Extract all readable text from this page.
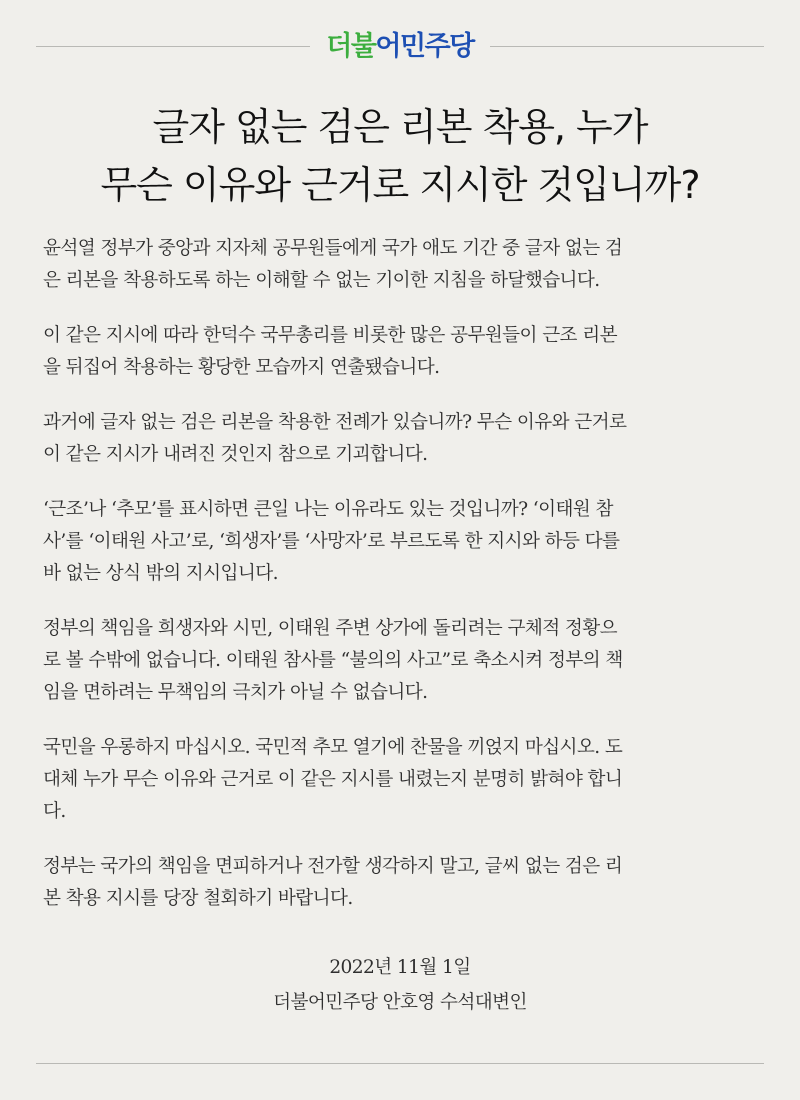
더불어민주당
글자 없는 검은 리본 착용, 누가
무슨 이유와 근거로 지시한 것입니까?

윤석열 정부가 중앙과 지자체 공무원들에게 국가 애도 기간 중 글자 없는 검
은 리본을 착용하도록 하는 이해할 수 없는 기이한 지침을 하달했습니다.

이 같은 지시에 따라 한덕수 국무총리를 비롯한 많은 공무원들이 근조 리본
을 뒤집어 착용하는 황당한 모습까지 연출됐습니다.

과거에 글자 없는 검은 리본을 착용한 전례가 있습니까? 무슨 이유와 근거로
이 같은 지시가 내려진 것인지 참으로 기괴합니다.

‘근조’나 ‘추모’를 표시하면 큰일 나는 이유라도 있는 것입니까? ‘이태원 참
사’를 ‘이태원 사고’로, ‘희생자’를 ‘사망자’로 부르도록 한 지시와 하등 다를
바 없는 상식 밖의 지시입니다.

정부의 책임을 희생자와 시민, 이태원 주변 상가에 돌리려는 구체적 정황으
로 볼 수밖에 없습니다. 이태원 참사를 “불의의 사고”로 축소시켜 정부의 책
임을 면하려는 무책임의 극치가 아닐 수 없습니다.

국민을 우롱하지 마십시오. 국민적 추모 열기에 찬물을 끼얹지 마십시오. 도
대체 누가 무슨 이유와 근거로 이 같은 지시를 내렸는지 분명히 밝혀야 합니
다.

정부는 국가의 책임을 면피하거나 전가할 생각하지 말고, 글씨 없는 검은 리
본 착용 지시를 당장 철회하기 바랍니다.

2022년 11월 1일
더불어민주당 안호영 수석대변인
